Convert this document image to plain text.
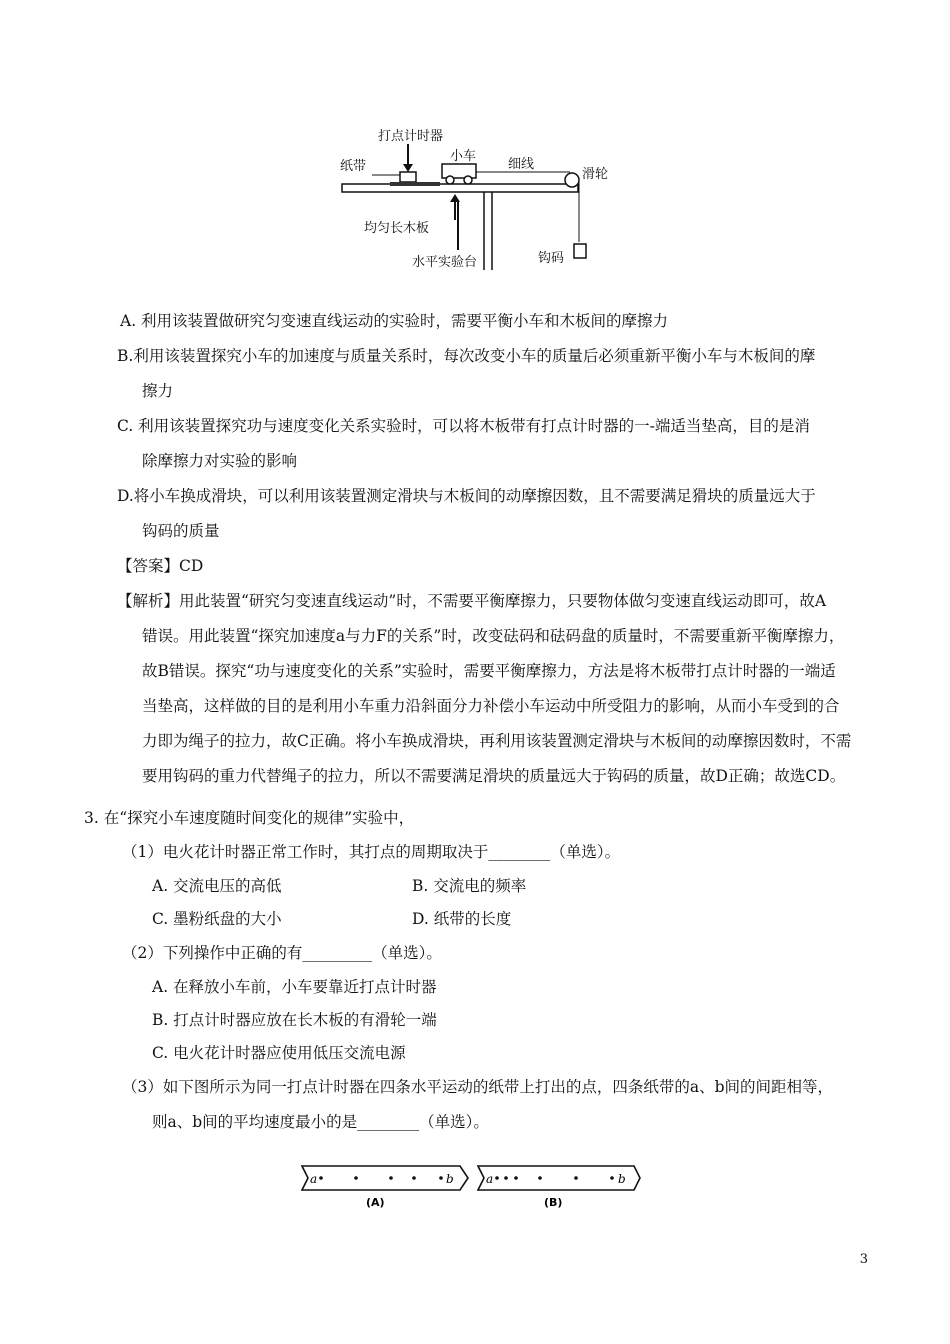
打点计时器
纸带
小车
细线
滑轮
均匀长木板
水平实验台	钩码
A. 利用该装置做研究匀变速直线运动的实验时，需要平衡小车和木板间的摩擦力
B.利用该装置探究小车的加速度与质量关系时，每次改变小车的质量后必须重新平衡小车与木板间的摩
擦力
C. 利用该装置探究功与速度变化关系实验时，可以将木板带有打点计时器的一-端适当垫高，目的是消
除摩擦力对实验的影响
D.将小车换成滑块，可以利用该装置测定滑块与木板间的动摩擦因数，且不需要满足猾块的质量远大于
钩码的质量
【答案】CD
【解析】用此装置“研究匀变速直线运动”时，不需要平衡摩擦力，只要物体做匀变速直线运动即可，故A
错误。用此装置“探究加速度a与力F的关系”时，改变砝码和砝码盘的质量时，不需要重新平衡摩擦力，
故B错误。探究“功与速度变化的关系”实验时，需要平衡摩擦力，方法是将木板带打点计时器的一端适
当垫高，这样做的目的是利用小车重力沿斜面分力补偿小车运动中所受阻力的影响，从而小车受到的合
力即为绳子的拉力，故C正确。将小车换成滑块，再利用该装置测定滑块与木板间的动摩擦因数时，不需
要用钩码的重力代替绳子的拉力，所以不需要满足滑块的质量远大于钩码的质量，故D正确；故选CD。
3. 在“探究小车速度随时间变化的规律”实验中，
（1）电火花计时器正常工作时，其打点的周期取决于________（单选）。
A. 交流电压的高低	B. 交流电的频率
C. 墨粉纸盘的大小	D. 纸带的长度
（2）下列操作中正确的有_________（单选）。
A. 在释放小车前，小车要靠近打点计时器
B. 打点计时器应放在长木板的有滑轮一端
C. 电火花计时器应使用低压交流电源
（3）如下图所示为同一打点计时器在四条水平运动的纸带上打出的点，四条纸带的a、b间的间距相等，
则a、b间的平均速度最小的是________（单选）。
a	b
(A)
a	b
(B)
3
